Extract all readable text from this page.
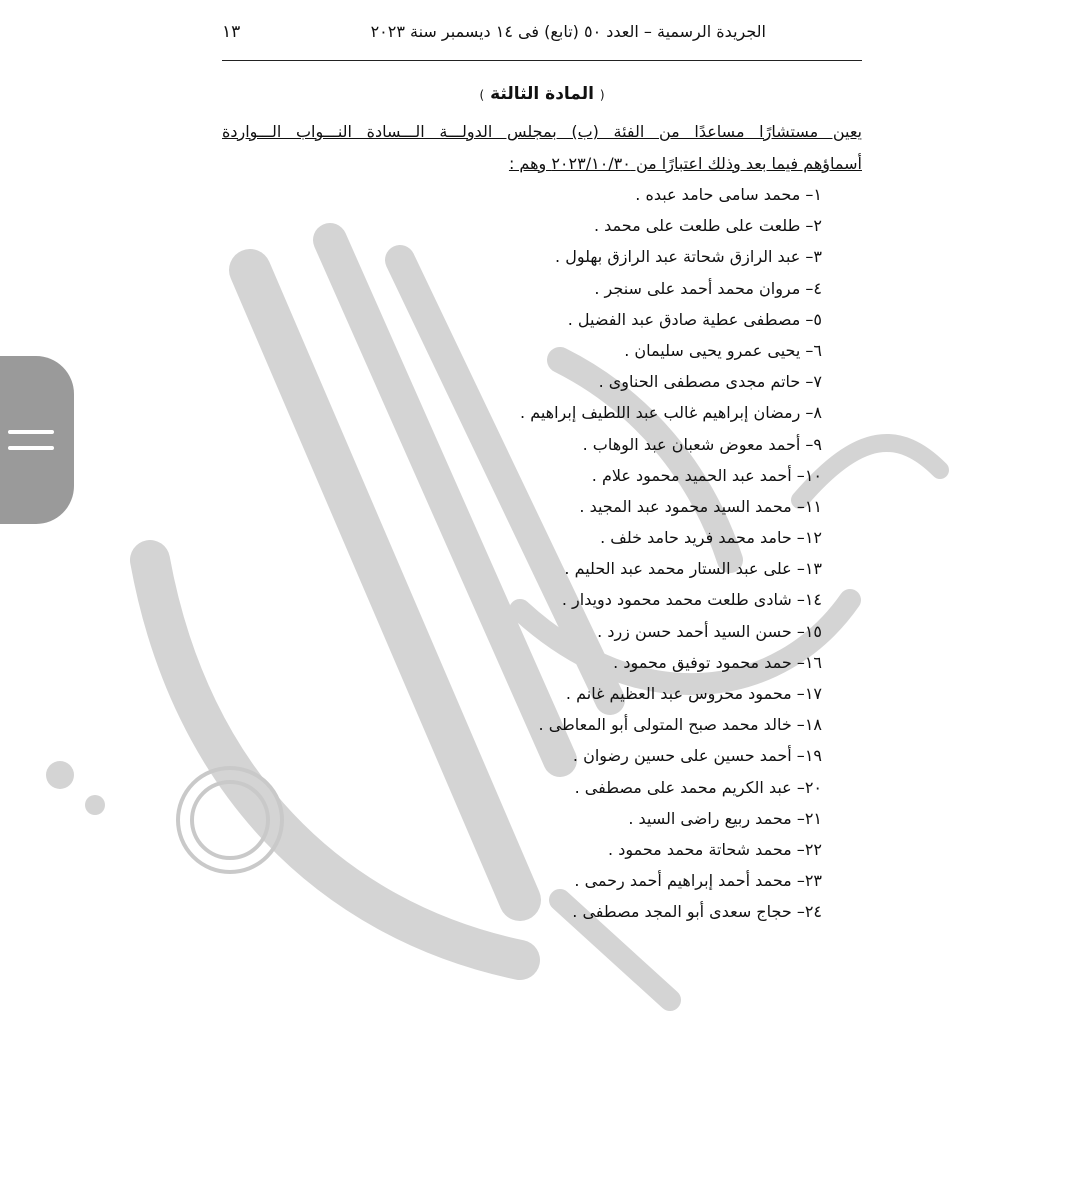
١٣	الجريدة الرسمية – العدد ٥٠ (تابع) فى ١٤ ديسمبر سنة ٢٠٢٣
( المادة الثالثة )
يعين مستشارًا مساعدًا من الفئة (ب) بمجلس الدولـــة الـــسادة النـــواب الـــواردة
أسماؤهم فيما بعد وذلك اعتبارًا من ٢٠٢٣/١٠/٣٠ وهم :
١– محمد سامى حامد عبده .
٢– طلعت على طلعت على محمد .
٣– عبد الرازق شحاتة عبد الرازق بهلول .
٤– مروان محمد أحمد على سنجر .
٥– مصطفى عطية صادق عبد الفضيل .
٦– يحيى عمرو يحيى سليمان .
٧– حاتم مجدى مصطفى الحناوى .
٨– رمضان إبراهيم غالب عبد اللطيف إبراهيم .
٩– أحمد معوض شعبان عبد الوهاب .
١٠– أحمد عبد الحميد محمود علام .
١١– محمد السيد محمود عبد المجيد .
١٢– حامد محمد فريد حامد خلف .
١٣– على عبد الستار محمد عبد الحليم .
١٤– شادى طلعت محمد محمود دويدار .
١٥– حسن السيد أحمد حسن زرد .
١٦– حمد محمود توفيق محمود .
١٧– محمود محروس عبد العظيم غانم .
١٨– خالد محمد صبح المتولى أبو المعاطى .
١٩– أحمد حسين على حسين رضوان .
٢٠– عبد الكريم محمد على مصطفى .
٢١– محمد ربيع راضى السيد .
٢٢– محمد شحاتة محمد محمود .
٢٣– محمد أحمد إبراهيم أحمد رحمى .
٢٤– حجاج سعدى أبو المجد مصطفى .
